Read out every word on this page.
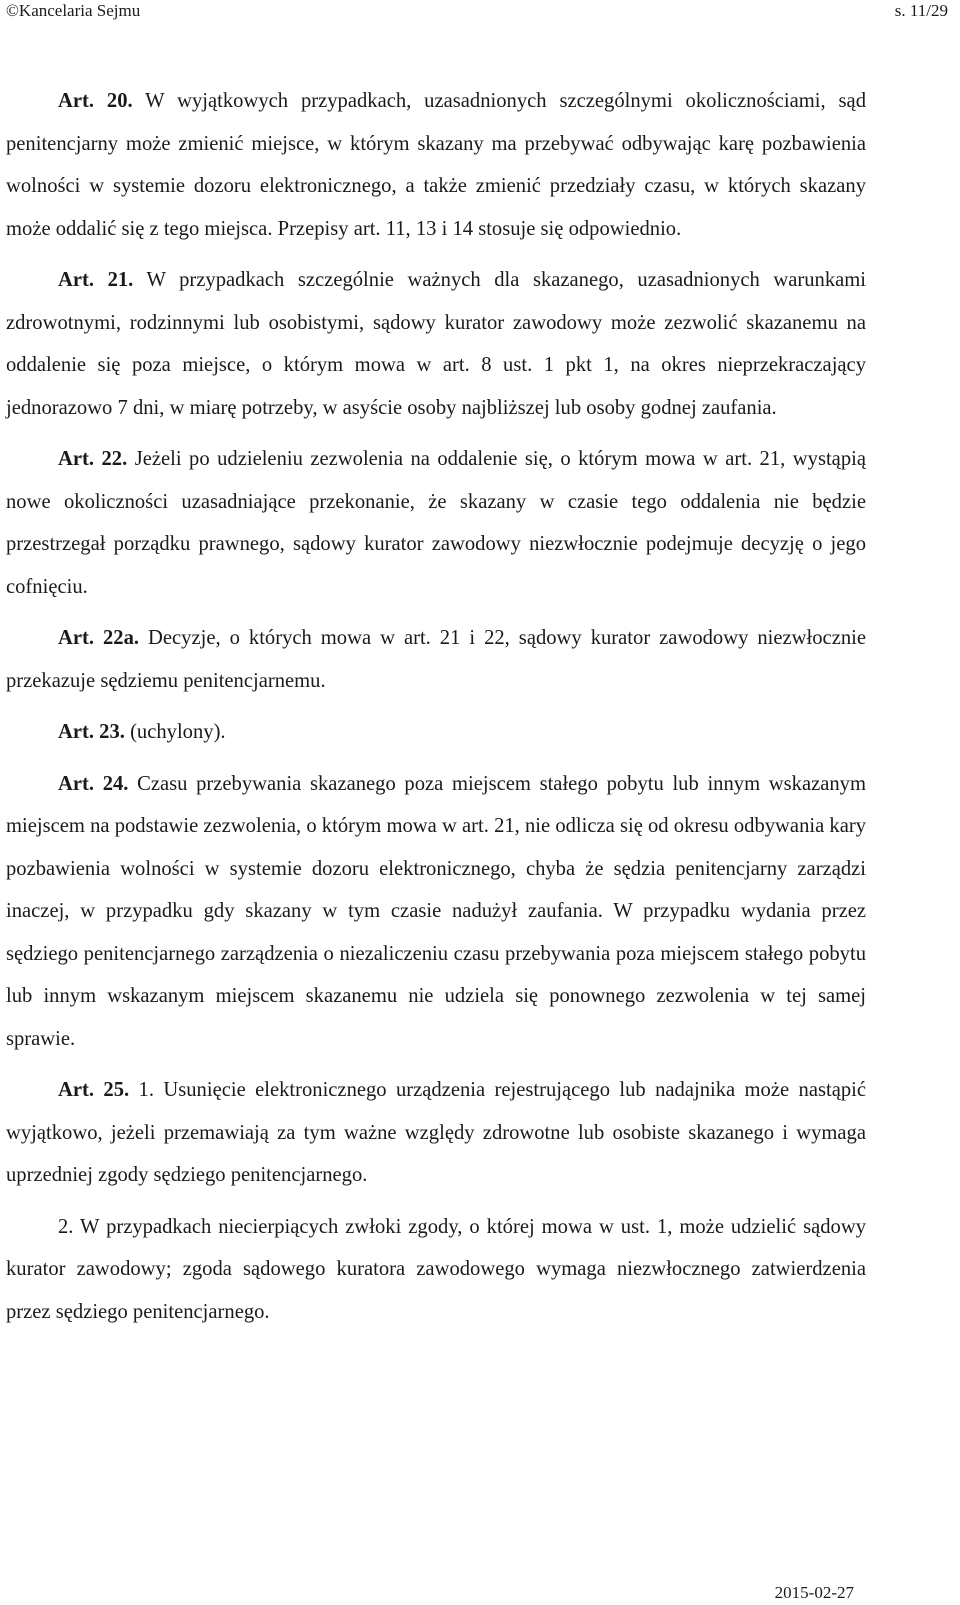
©Kancelaria Sejmu	s. 11/29

Art. 20. W wyjątkowych przypadkach, uzasadnionych szczególnymi okolicznościami, sąd penitencjarny może zmienić miejsce, w którym skazany ma przebywać odbywając karę pozbawienia wolności w systemie dozoru elektronicznego, a także zmienić przedziały czasu, w których skazany może oddalić się z tego miejsca. Przepisy art. 11, 13 i 14 stosuje się odpowiednio.

Art. 21. W przypadkach szczególnie ważnych dla skazanego, uzasadnionych warunkami zdrowotnymi, rodzinnymi lub osobistymi, sądowy kurator zawodowy może zezwolić skazanemu na oddalenie się poza miejsce, o którym mowa w art. 8 ust. 1 pkt 1, na okres nieprzekraczający jednorazowo 7 dni, w miarę potrzeby, w asyście osoby najbliższej lub osoby godnej zaufania.

Art. 22. Jeżeli po udzieleniu zezwolenia na oddalenie się, o którym mowa w art. 21, wystąpią nowe okoliczności uzasadniające przekonanie, że skazany w czasie tego oddalenia nie będzie przestrzegał porządku prawnego, sądowy kurator zawodowy niezwłocznie podejmuje decyzję o jego cofnięciu.

Art. 22a. Decyzje, o których mowa w art. 21 i 22, sądowy kurator zawodowy niezwłocznie przekazuje sędziemu penitencjarnemu.

Art. 23. (uchylony).

Art. 24. Czasu przebywania skazanego poza miejscem stałego pobytu lub innym wskazanym miejscem na podstawie zezwolenia, o którym mowa w art. 21, nie odlicza się od okresu odbywania kary pozbawienia wolności w systemie dozoru elektronicznego, chyba że sędzia penitencjarny zarządzi inaczej, w przypadku gdy skazany w tym czasie nadużył zaufania. W przypadku wydania przez sędziego penitencjarnego zarządzenia o niezaliczeniu czasu przebywania poza miejscem stałego pobytu lub innym wskazanym miejscem skazanemu nie udziela się ponownego zezwolenia w tej samej sprawie.

Art. 25. 1. Usunięcie elektronicznego urządzenia rejestrującego lub nadajnika może nastąpić wyjątkowo, jeżeli przemawiają za tym ważne względy zdrowotne lub osobiste skazanego i wymaga uprzedniej zgody sędziego penitencjarnego.

2. W przypadkach niecierpiących zwłoki zgody, o której mowa w ust. 1, może udzielić sądowy kurator zawodowy; zgoda sądowego kuratora zawodowego wymaga niezwłocznego zatwierdzenia przez sędziego penitencjarnego.

2015-02-27
